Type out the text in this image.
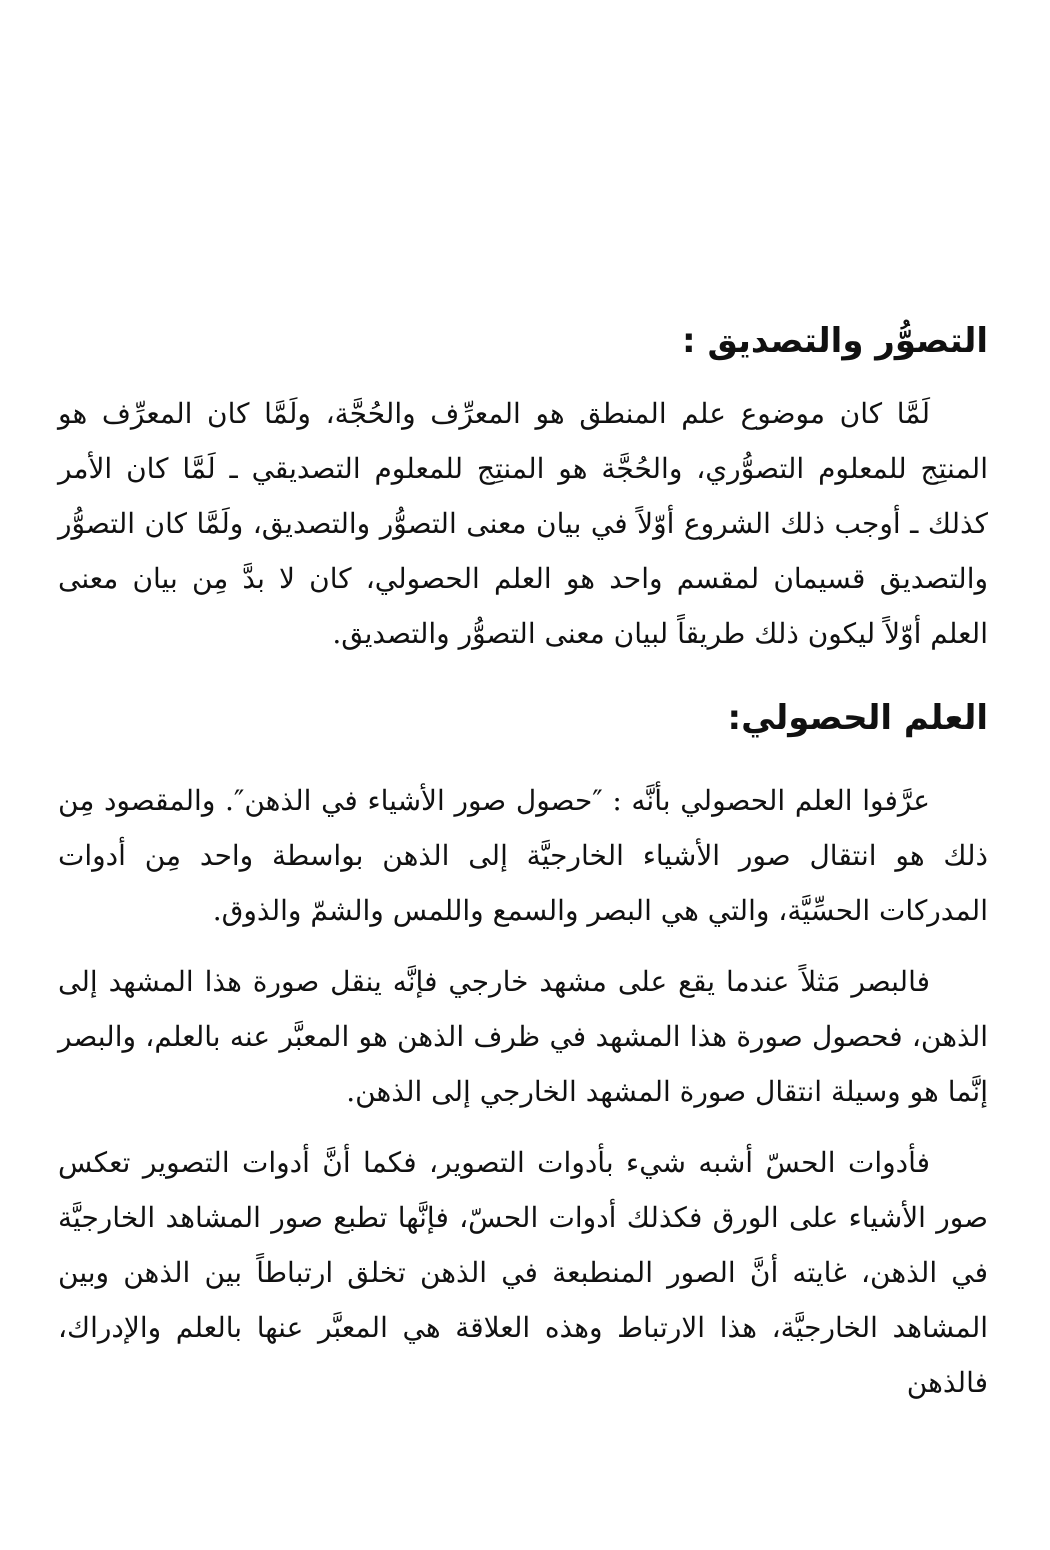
التصوُّر والتصديق :
لَمَّا كان موضوع علم المنطق هو المعرِّف والحُجَّة، ولَمَّا كان المعرِّف هو المنتِج للمعلوم التصوُّري، والحُجَّة هو المنتِج للمعلوم التصديقي ـ لَمَّا كان الأمر كذلك ـ أوجب ذلك الشروع أوّلاً في بيان معنى التصوُّر والتصديق، ولَمَّا كان التصوُّر والتصديق قسيمان لمقسم واحد هو العلم الحصولي، كان لا بدَّ مِن بيان معنى العلم أوّلاً ليكون ذلك طريقاً لبيان معنى التصوُّر والتصديق.
العلم الحصولي:
عرَّفوا العلم الحصولي بأنَّه : ″حصول صور الأشياء في الذهن″. والمقصود مِن ذلك هو انتقال صور الأشياء الخارجيَّة إلى الذهن بواسطة واحد مِن أدوات المدركات الحسِّيَّة، والتي هي البصر والسمع واللمس والشمّ والذوق.
فالبصر مَثلاً عندما يقع على مشهد خارجي فإنَّه ينقل صورة هذا المشهد إلى الذهن، فحصول صورة هذا المشهد في ظرف الذهن هو المعبَّر عنه بالعلم، والبصر إنَّما هو وسيلة انتقال صورة المشهد الخارجي إلى الذهن.
فأدوات الحسّ أشبه شيء بأدوات التصوير، فكما أنَّ أدوات التصوير تعكس صور الأشياء على الورق فكذلك أدوات الحسّ، فإنَّها تطبع صور المشاهد الخارجيَّة في الذهن، غايته أنَّ الصور المنطبعة في الذهن تخلق ارتباطاً بين الذهن وبين المشاهد الخارجيَّة، هذا الارتباط وهذه العلاقة هي المعبَّر عنها بالعلم والإدراك، فالذهن
